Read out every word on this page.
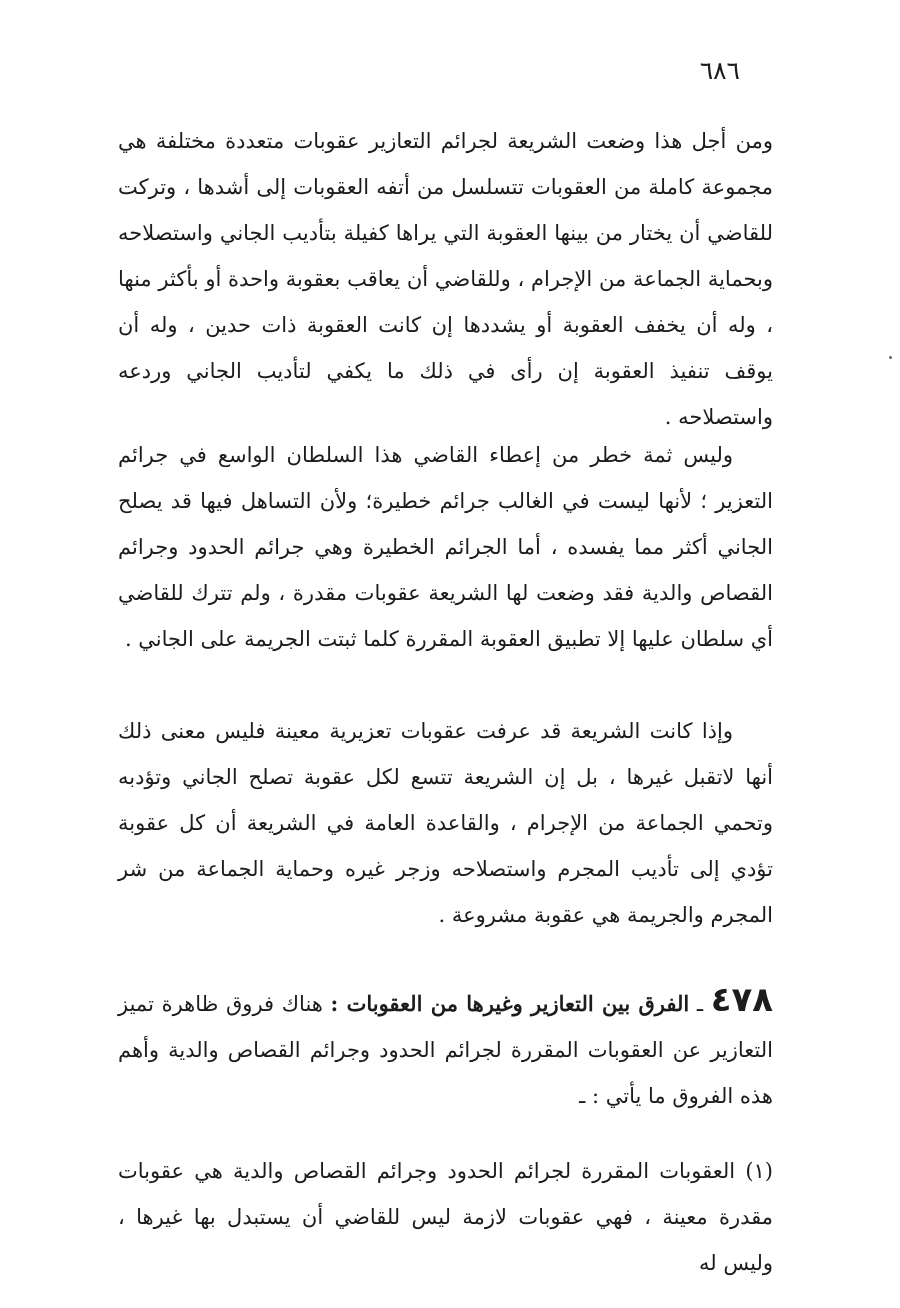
٦٨٦

ومن أجل هذا وضعت الشريعة لجرائم التعازير عقوبات متعددة مختلفة هي مجموعة كاملة من العقوبات تتسلسل من أتفه العقوبات إلى أشدها ، وتركت للقاضي أن يختار من بينها العقوبة التي يراها كفيلة بتأديب الجاني واستصلاحه وبحماية الجماعة من الإجرام ، وللقاضي أن يعاقب بعقوبة واحدة أو بأكثر منها ، وله أن يخفف العقوبة أو يشددها إن كانت العقوبة ذات حدين ، وله أن يوقف تنفيذ العقوبة إن رأى في ذلك ما يكفي لتأديب الجاني وردعه واستصلاحه .

وليس ثمة خطر من إعطاء القاضي هذا السلطان الواسع في جرائم التعزير ؛ لأنها ليست في الغالب جرائم خطيرة؛ ولأن التساهل فيها قد يصلح الجاني أكثر مما يفسده ، أما الجرائم الخطيرة وهي جرائم الحدود وجرائم القصاص والدية فقد وضعت لها الشريعة عقوبات مقدرة ، ولم تترك للقاضي أي سلطان عليها إلا تطبيق العقوبة المقررة كلما ثبتت الجريمة على الجاني .

وإذا كانت الشريعة قد عرفت عقوبات تعزيرية معينة فليس معنى ذلك أنها لاتقبل غيرها ، بل إن الشريعة تتسع لكل عقوبة تصلح الجاني وتؤدبه وتحمي الجماعة من الإجرام ، والقاعدة العامة في الشريعة أن كل عقوبة تؤدي إلى تأديب المجرم واستصلاحه وزجر غيره وحماية الجماعة من شر المجرم والجريمة هي عقوبة مشروعة .

٤٧٨ ـ الفرق بين التعازير وغيرها من العقوبات : هناك فروق ظاهرة تميز التعازير عن العقوبات المقررة لجرائم الحدود وجرائم القصاص والدية وأهم هذه الفروق ما يأتي : ـ

(١) العقوبات المقررة لجرائم الحدود وجرائم القصاص والدية هي عقوبات مقدرة معينة ، فهي عقوبات لازمة ليس للقاضي أن يستبدل بها غيرها ، وليس له
